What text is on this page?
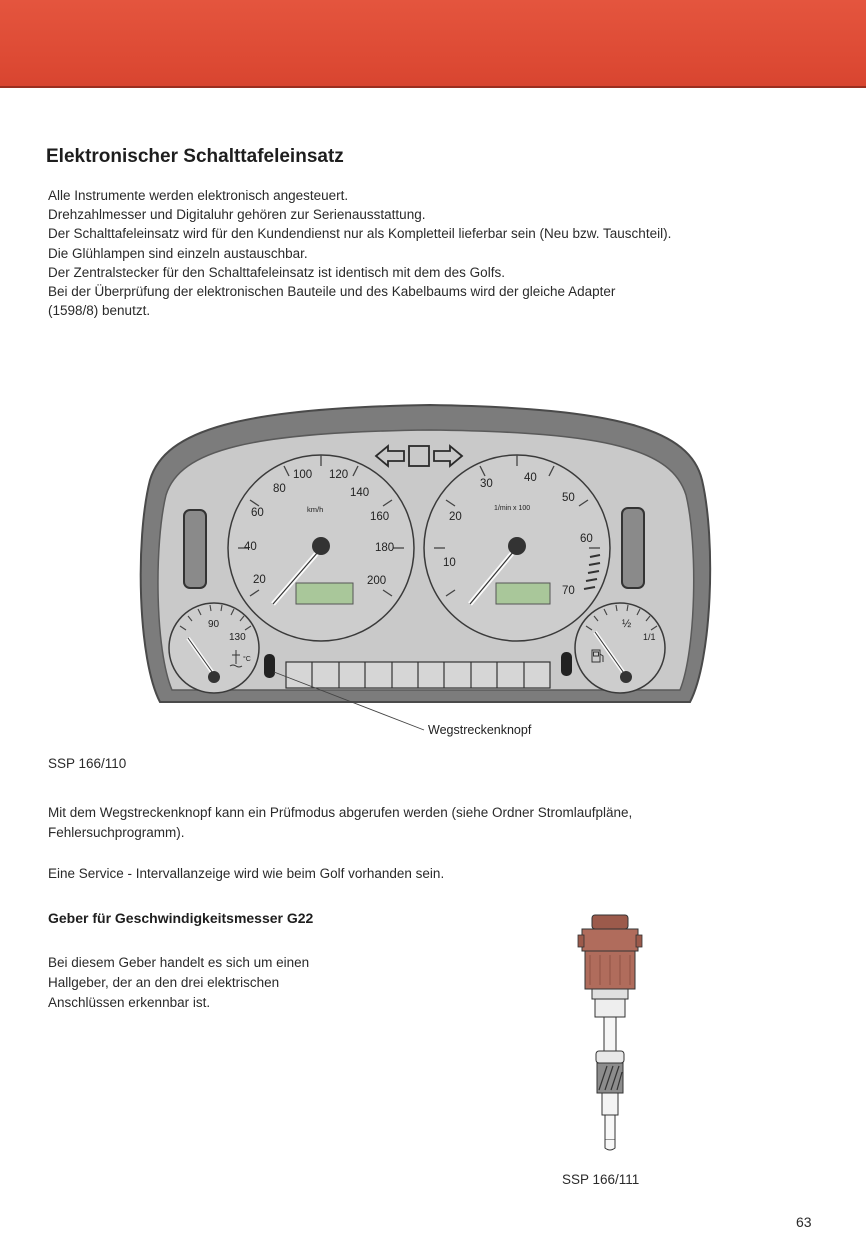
Elektronischer Schalttafeleinsatz
Alle Instrumente werden elektronisch angesteuert.
Drehzahlmesser und Digitaluhr gehören zur Serienausstattung.
Der Schalttafeleinsatz wird für den Kundendienst nur als Kompletteil lieferbar sein (Neu bzw. Tauschteil).
Die Glühlampen sind einzeln austauschbar.
Der Zentralstecker für den Schalttafeleinsatz ist identisch mit dem des Golfs.
Bei der Überprüfung der elektronischen Bauteile und des Kabelbaums wird der gleiche Adapter
(1598/8) benutzt.
20
40
60
80
100 120
140
160
180
200
km/h
10
20
30	40
50
60
70
1/min x 100
90
130
°C
½
1/1
Wegstreckenknopf
SSP 166/110

Mit dem Wegstreckenknopf kann ein Prüfmodus abgerufen werden (siehe Ordner Stromlaufpläne,
Fehlersuchprogramm).

Eine Service - Intervallanzeige wird wie beim Golf vorhanden sein.

Geber für Geschwindigkeitsmesser G22
Bei diesem Geber handelt es sich um einen
Hallgeber, der an den drei elektrischen
Anschlüssen erkennbar ist.
SSP 166/111
63
